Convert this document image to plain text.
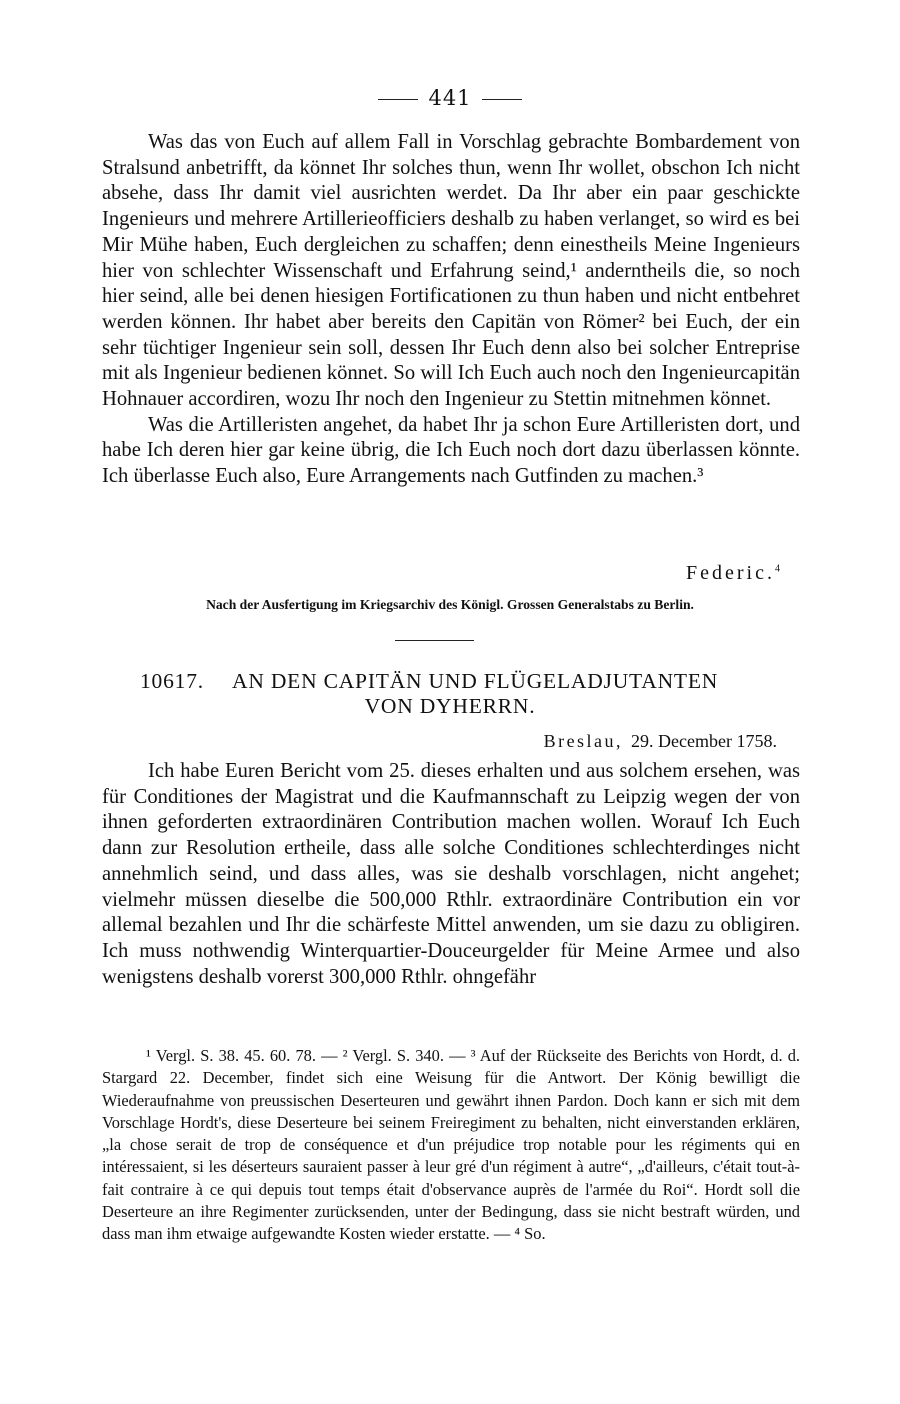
441

Was das von Euch auf allem Fall in Vorschlag gebrachte Bombardement von Stralsund anbetrifft, da könnet Ihr solches thun, wenn Ihr wollet, obschon Ich nicht absehe, dass Ihr damit viel ausrichten werdet. Da Ihr aber ein paar geschickte Ingenieurs und mehrere Artillerieofficiers deshalb zu haben verlanget, so wird es bei Mir Mühe haben, Euch dergleichen zu schaffen; denn einestheils Meine Ingenieurs hier von schlechter Wissenschaft und Erfahrung seind,¹ anderntheils die, so noch hier seind, alle bei denen hiesigen Fortificationen zu thun haben und nicht entbehret werden können. Ihr habet aber bereits den Capitän von Römer² bei Euch, der ein sehr tüchtiger Ingenieur sein soll, dessen Ihr Euch denn also bei solcher Entreprise mit als Ingenieur bedienen könnet. So will Ich Euch auch noch den Ingenieurcapitän Hohnauer accordiren, wozu Ihr noch den Ingenieur zu Stettin mitnehmen könnet.

Was die Artilleristen angehet, da habet Ihr ja schon Eure Artilleristen dort, und habe Ich deren hier gar keine übrig, die Ich Euch noch dort dazu überlassen könnte. Ich überlasse Euch also, Eure Arrangements nach Gutfinden zu machen.³

Federic.$^4$
Nach der Ausfertigung im Kriegsarchiv des Königl. Grossen Generalstabs zu Berlin.
10617. AN DEN CAPITÄN UND FLÜGELADJUTANTEN
VON DYHERRN.
Breslau, 29. December 1758.

Ich habe Euren Bericht vom 25. dieses erhalten und aus solchem ersehen, was für Conditiones der Magistrat und die Kaufmannschaft zu Leipzig wegen der von ihnen geforderten extraordinären Contribution machen wollen. Worauf Ich Euch dann zur Resolution ertheile, dass alle solche Conditiones schlechterdinges nicht annehmlich seind, und dass alles, was sie deshalb vorschlagen, nicht angehet; vielmehr müssen dieselbe die 500,000 Rthlr. extraordinäre Contribution ein vor allemal bezahlen und Ihr die schärfeste Mittel anwenden, um sie dazu zu obligiren. Ich muss nothwendig Winterquartier-Douceurgelder für Meine Armee und also wenigstens deshalb vorerst 300,000 Rthlr. ohngefähr

¹ Vergl. S. 38. 45. 60. 78. — ² Vergl. S. 340. — ³ Auf der Rückseite des Berichts von Hordt, d. d. Stargard 22. December, findet sich eine Weisung für die Antwort. Der König bewilligt die Wiederaufnahme von preussischen Deserteuren und gewährt ihnen Pardon. Doch kann er sich mit dem Vorschlage Hordt's, diese Deserteure bei seinem Freiregiment zu behalten, nicht einverstanden erklären, „la chose serait de trop de conséquence et d'un préjudice trop notable pour les régiments qui en intéressaient, si les déserteurs sauraient passer à leur gré d'un régiment à autre“, „d'ailleurs, c'était tout-à-fait contraire à ce qui depuis tout temps était d'observance auprès de l'armée du Roi“. Hordt soll die Deserteure an ihre Regimenter zurücksenden, unter der Bedingung, dass sie nicht bestraft würden, und dass man ihm etwaige aufgewandte Kosten wieder erstatte. — ⁴ So.
